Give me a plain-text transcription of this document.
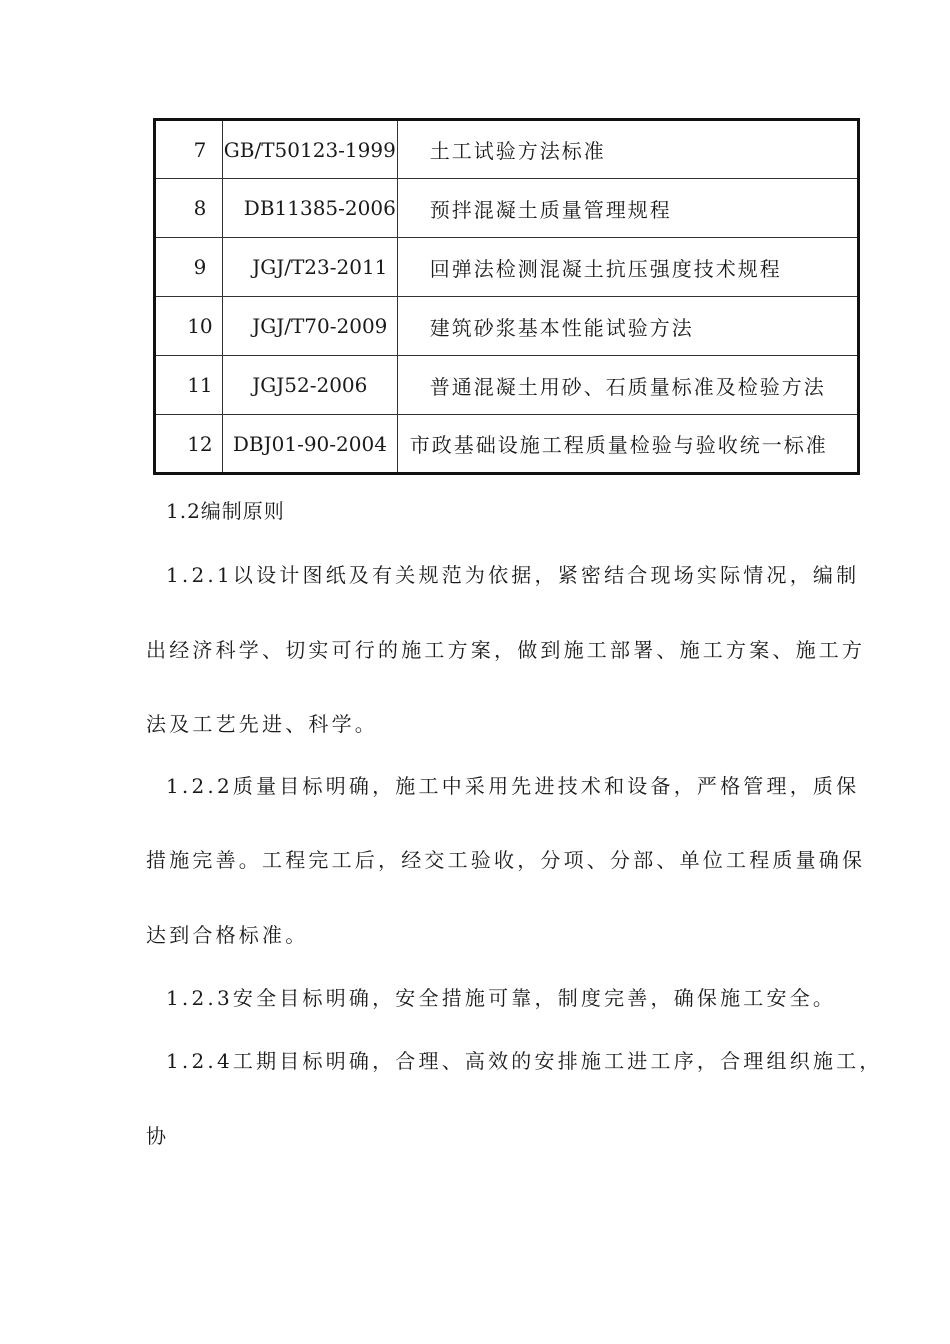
7	GB/T50123-1999	土工试验方法标准
8	DB11385-2006	预拌混凝土质量管理规程
9	JGJ/T23-2011	回弹法检测混凝土抗压强度技术规程
10	JGJ/T70-2009	建筑砂浆基本性能试验方法
11	JGJ52-2006	普通混凝土用砂、石质量标准及检验方法
12	DBJ01-90-2004	市政基础设施工程质量检验与验收统一标准
1.2编制原则
1.2.1以设计图纸及有关规范为依据，紧密结合现场实际情况，编制
出经济科学、切实可行的施工方案，做到施工部署、施工方案、施工方
法及工艺先进、科学。
1.2.2质量目标明确，施工中采用先进技术和设备，严格管理，质保
措施完善。工程完工后，经交工验收，分项、分部、单位工程质量确保
达到合格标准。
1.2.3安全目标明确，安全措施可靠，制度完善，确保施工安全。
1.2.4工期目标明确，合理、高效的安排施工进工序，合理组织施工，
协
